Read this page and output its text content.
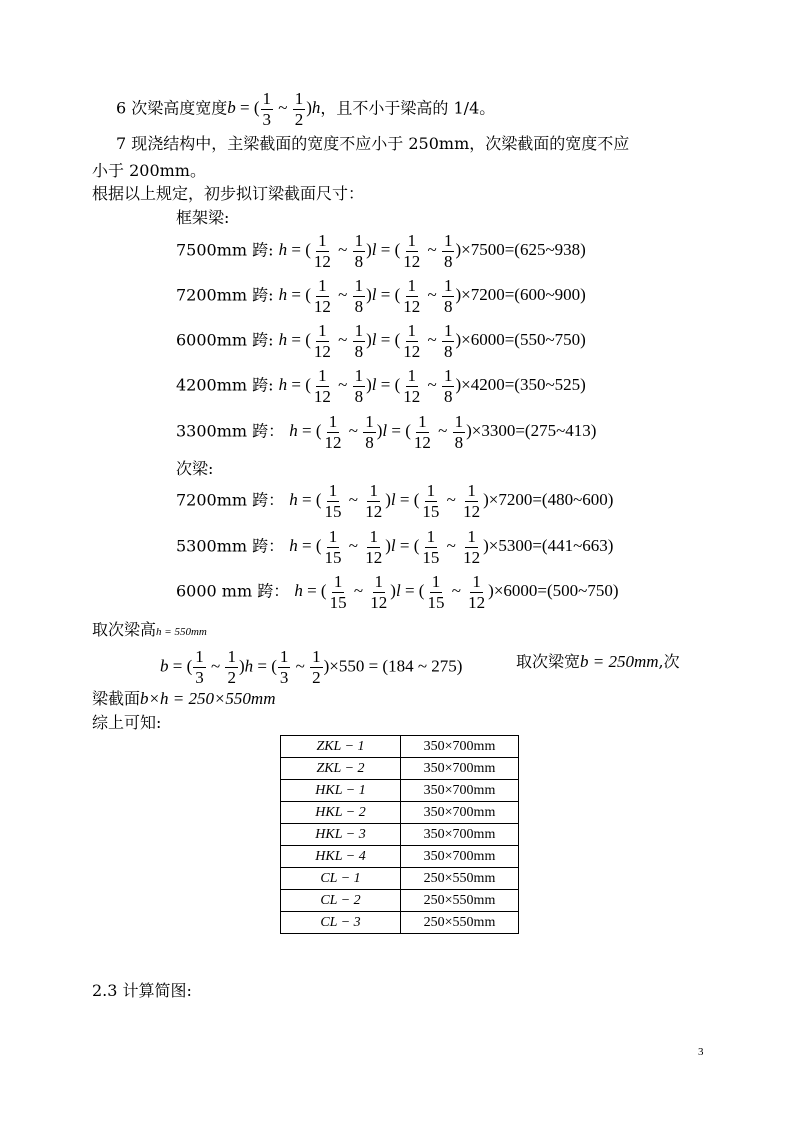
6 次梁高度宽度b = ( $\frac{1}{3}$ ~ $\frac{1}{2} )h$，且不小于梁高的 1/4。
7 现浇结构中，主梁截面的宽度不应小于 250mm，次梁截面的宽度不应
小于 200mm。
根据以上规定，初步拟订梁截面尺寸：
框架梁:
7500mm 跨: h = ( $\frac{1}{12}$ ~ $\frac{1}{8} )l$ = ( $\frac{1}{12}$ ~ $\frac{1}{8}$ )×7500=(625~938)
7200mm 跨: h = ( $\frac{1}{12}$ ~ $\frac{1}{8} )l$ = ( $\frac{1}{12}$ ~ $\frac{1}{8}$ )×7200=(600~900)
6000mm 跨: h = ( $\frac{1}{12}$ ~ $\frac{1}{8} )l$ = ( $\frac{1}{12}$ ~ $\frac{1}{8}$ )×6000=(550~750)
4200mm 跨: h = ( $\frac{1}{12}$ ~ $\frac{1}{8} )l$ = ( $\frac{1}{12}$ ~ $\frac{1}{8}$ )×4200=(350~525)
3300mm 跨： h = ( $\frac{1}{12}$ ~ $\frac{1}{8} )l$ = ( $\frac{1}{12}$ ~ $\frac{1}{8}$ )×3300=(275~413)
次梁:
7200mm 跨： h = ( $\frac{1}{15}$ ~ $\frac{1}{12} )l$ = ( $\frac{1}{15}$ ~ $\frac{1}{12}$ )×7200=(480~600)
5300mm 跨： h = ( $\frac{1}{15}$ ~ $\frac{1}{12} )l$ = ( $\frac{1}{15}$ ~ $\frac{1}{12}$ )×5300=(441~663)
6000 mm 跨： h = ( $\frac{1}{15}$ ~ $\frac{1}{12} )l$ = ( $\frac{1}{15}$ ~ $\frac{1}{12}$ )×6000=(500~750)
取次梁高h = 550mm
b = ( $\frac{1}{3}$ ~ $\frac{1}{2} )h$ = ( $\frac{1}{3}$ ~ $\frac{1}{2} )\times 550 = (184$ ~ 275)	取次梁宽b = 250mm,次
梁截面b×h = 250×550mm
综上可知:
ZKL − 1	350×700mm
ZKL − 2	350×700mm
HKL − 1	350×700mm
HKL − 2	350×700mm
HKL − 3	350×700mm
HKL − 4	350×700mm
CL − 1	250×550mm
CL − 2	250×550mm
CL − 3	250×550mm
2.3 计算简图:
3
